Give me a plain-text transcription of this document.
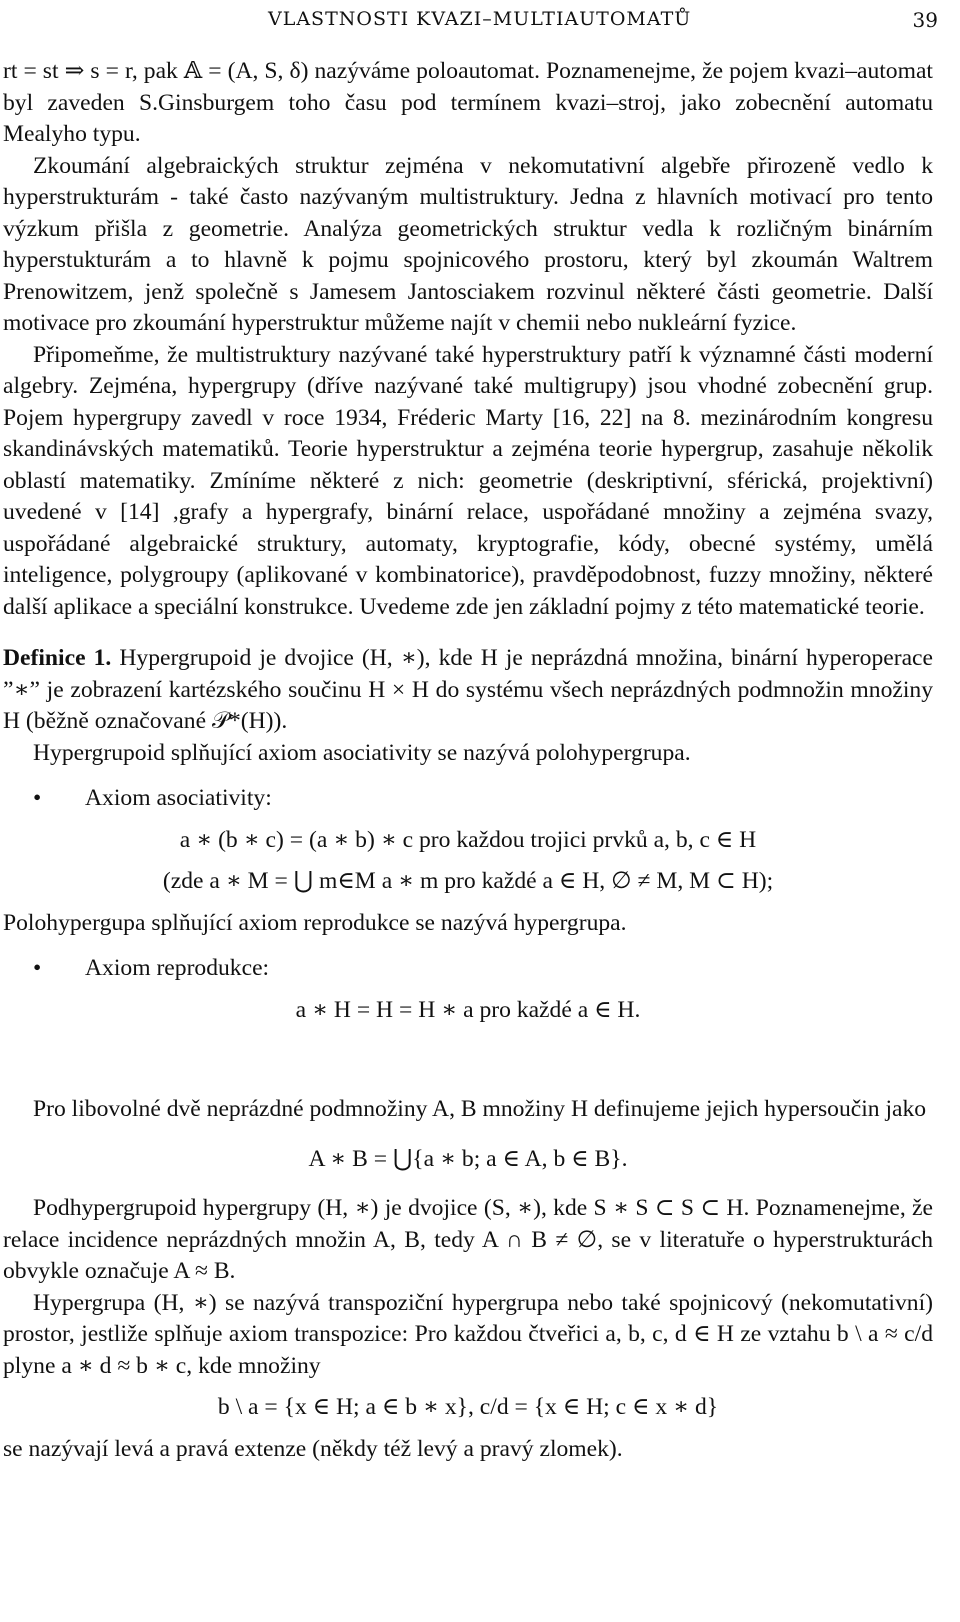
VLASTNOSTI KVAZI–MULTIAUTOMATŮ	39

rt = st ⇒ s = r, pak 𝔸 = (A, S, δ) nazýváme poloautomat. Poznamenejme, že pojem kvazi–automat byl zaveden S.Ginsburgem toho času pod termínem kvazi–stroj, jako zobecnění automatu Mealyho typu.

Zkoumání algebraických struktur zejména v nekomutativní algebře přirozeně vedlo k hyperstrukturám - také často nazývaným multistruktury. Jedna z hlavních motivací pro tento výzkum přišla z geometrie. Analýza geometrických struktur vedla k rozličným binárním hyperstukturám a to hlavně k pojmu spojnicového prostoru, který byl zkoumán Waltrem Prenowitzem, jenž společně s Jamesem Jantosciakem rozvinul některé části geometrie. Další motivace pro zkoumání hyperstruktur můžeme najít v chemii nebo nukleární fyzice.

Připomeňme, že multistruktury nazývané také hyperstruktury patří k významné části moderní algebry. Zejména, hypergrupy (dříve nazývané také multigrupy) jsou vhodné zobecnění grup. Pojem hypergrupy zavedl v roce 1934, Fréderic Marty [16, 22] na 8. mezinárodním kongresu skandinávských matematiků. Teorie hyperstruktur a zejména teorie hypergrup, zasahuje několik oblastí matematiky. Zmíníme některé z nich: geometrie (deskriptivní, sférická, projektivní) uvedené v [14] ,grafy a hypergrafy, binární relace, uspořádané množiny a zejména svazy, uspořádané algebraické struktury, automaty, kryptografie, kódy, obecné systémy, umělá inteligence, polygroupy (aplikované v kombinatorice), pravděpodobnost, fuzzy množiny, některé další aplikace a speciální konstrukce. Uvedeme zde jen základní pojmy z této matematické teorie.

Definice 1. Hypergrupoid je dvojice (H, ∗), kde H je neprázdná množina, binární hyperoperace ”∗” je zobrazení kartézského součinu H × H do systému všech neprázdných podmnožin množiny H (běžně označované 𝒫*(H)).

Hypergrupoid splňující axiom asociativity se nazývá polohypergrupa.

•	Axiom asociativity:
a ∗ (b ∗ c) = (a ∗ b) ∗ c pro každou trojici prvků a, b, c ∈ H
(zde a ∗ M = ⋃ m∈M a ∗ m pro každé a ∈ H, ∅ ≠ M, M ⊂ H);

Polohypergupa splňující axiom reprodukce se nazývá hypergrupa.

•	Axiom reprodukce:
a ∗ H = H = H ∗ a pro každé a ∈ H.

Pro libovolné dvě neprázdné podmnožiny A, B množiny H definujeme jejich hypersoučin jako

A ∗ B = ⋃{a ∗ b; a ∈ A, b ∈ B}.

Podhypergrupoid hypergrupy (H, ∗) je dvojice (S, ∗), kde S ∗ S ⊂ S ⊂ H. Poznamenejme, že relace incidence neprázdných množin A, B, tedy A ∩ B ≠ ∅, se v literatuře o hyperstrukturách obvykle označuje A ≈ B.

Hypergrupa (H, ∗) se nazývá transpoziční hypergrupa nebo také spojnicový (nekomutativní) prostor, jestliže splňuje axiom transpozice: Pro každou čtveřici a, b, c, d ∈ H ze vztahu b \ a ≈ c/d plyne a ∗ d ≈ b ∗ c, kde množiny

b \ a = {x ∈ H; a ∈ b ∗ x}, c/d = {x ∈ H; c ∈ x ∗ d}

se nazývají levá a pravá extenze (někdy též levý a pravý zlomek).
